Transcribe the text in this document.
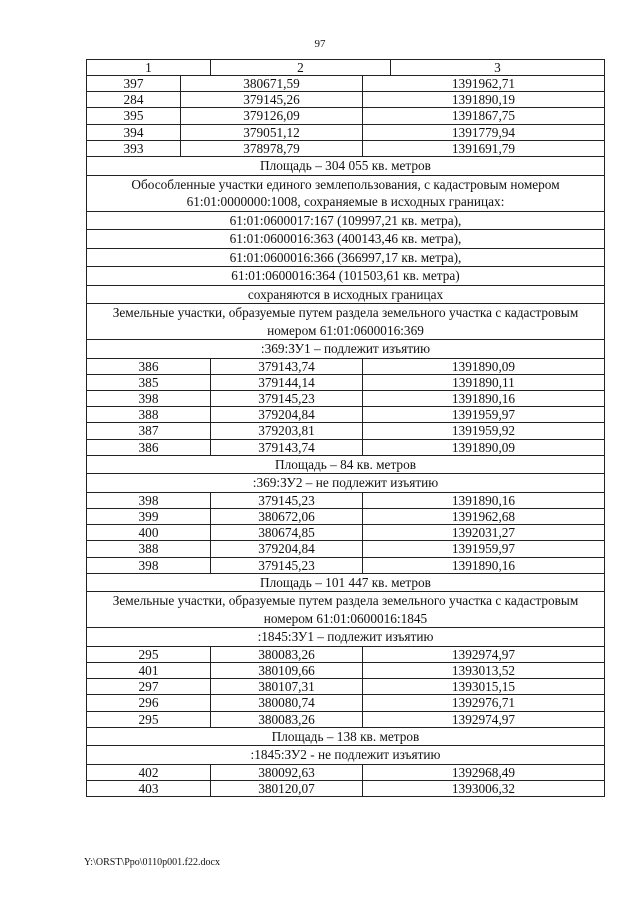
97
1		2		3
397	380671,59		1391962,71	
284	379145,26		1391890,19	
395	379126,09		1391867,75	
394	379051,12		1391779,94	
393	378978,79		1391691,79	
Площадь – 304 055 кв. метров				
Обособленные участки единого землепользования, с кадастровым номером 61:01:0000000:1008, сохраняемые в исходных границах:				
61:01:0600017:167 (109997,21 кв. метра),				
61:01:0600016:363 (400143,46 кв. метра),				
61:01:0600016:366 (366997,17 кв. метра),				
61:01:0600016:364 (101503,61 кв. метра)				
сохраняются в исходных границах				
Земельные участки, образуемые путем раздела земельного участка с кадастровым номером 61:01:0600016:369				
:369:ЗУ1 – подлежит изъятию				
386		379143,74	1391890,09	
385		379144,14	1391890,11	
398		379145,23	1391890,16	
388		379204,84	1391959,97	
387		379203,81	1391959,92	
386		379143,74	1391890,09	
Площадь – 84 кв. метров				
:369:ЗУ2 – не подлежит изъятию				
398		379145,23	1391890,16	
399		380672,06	1391962,68	
400		380674,85	1392031,27	
388		379204,84	1391959,97	
398		379145,23	1391890,16	
Площадь – 101 447 кв. метров				
Земельные участки, образуемые путем раздела земельного участка с кадастровым номером 61:01:0600016:1845				
:1845:ЗУ1 – подлежит изъятию				
295		380083,26	1392974,97	
401		380109,66	1393013,52	
297		380107,31	1393015,15	
296		380080,74	1392976,71	
295		380083,26	1392974,97	
Площадь – 138 кв. метров				
:1845:ЗУ2 - не подлежит изъятию				
402		380092,63	1392968,49	
403		380120,07	1393006,32	
Y:\ORST\Ppo\0110p001.f22.docx
